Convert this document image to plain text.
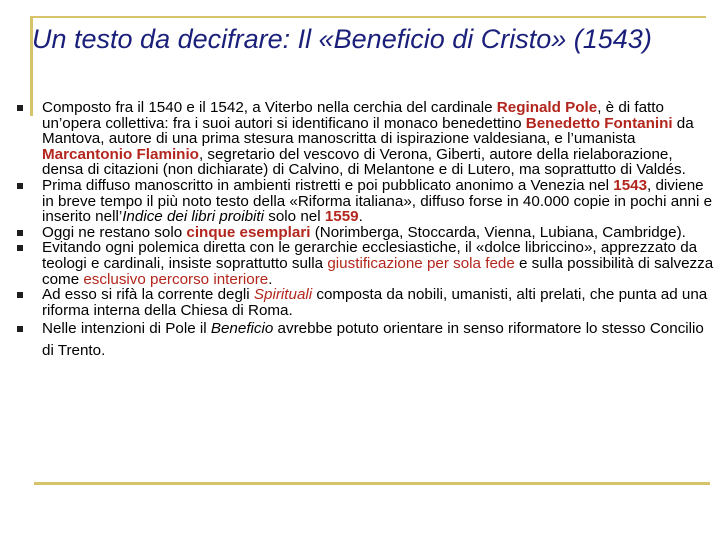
Un testo da decifrare: Il «Beneficio di Cristo» (1543)
Composto fra il 1540 e il 1542, a Viterbo nella cerchia del cardinale Reginald Pole, è di fatto un’opera collettiva: fra i suoi autori si identificano il monaco benedettino Benedetto Fontanini da Mantova, autore di una prima stesura manoscritta di ispirazione valdesiana, e l’umanista Marcantonio Flaminio, segretario del vescovo di Verona, Giberti, autore della rielaborazione, densa di citazioni (non dichiarate) di Calvino, di Melantone e di Lutero, ma soprattutto di Valdés.
Prima diffuso manoscritto in ambienti ristretti e poi pubblicato anonimo a Venezia nel 1543, diviene in breve tempo il più noto testo della «Riforma italiana», diffuso forse in 40.000 copie in pochi anni e inserito nell’Indice dei libri proibiti solo nel 1559.
Oggi ne restano solo cinque esemplari (Norimberga, Stoccarda, Vienna, Lubiana, Cambridge).
Evitando ogni polemica diretta con le gerarchie ecclesiastiche, il «dolce libriccino», apprezzato da teologi e cardinali, insiste soprattutto sulla giustificazione per sola fede e sulla possibilità di salvezza come esclusivo percorso interiore.
Ad esso si rifà la corrente degli Spirituali composta da nobili, umanisti, alti prelati, che punta ad una riforma interna della Chiesa di Roma.
Nelle intenzioni di Pole il Beneficio avrebbe potuto orientare in senso riformatore lo stesso Concilio di Trento.
